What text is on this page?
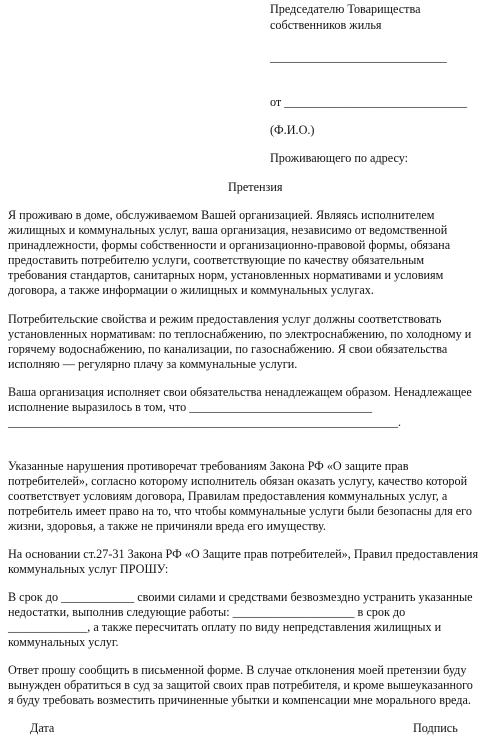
Председателю Товарищества
собственников жилья
_____________________________
от ______________________________
(Ф.И.О.)
Проживающего по адресу:
Претензия
Я проживаю в доме, обслуживаемом Вашей организацией. Являясь исполнителем
жилищных и коммунальных услуг, ваша организация, независимо от ведомственной
принадлежности, формы собственности и организационно-правовой формы, обязана
предоставить потребителю услуги, соответствующие по качеству обязательным
требования стандартов, санитарных норм, установленных нормативами и условиям
договора, а также информации о жилищных и коммунальных услугах.
Потребительские свойства и режим предоставления услуг должны соответствовать
установленных нормативам: по теплоснабжению, по электроснабжению, по холодному и
горячему водоснабжению, по канализации, по газоснабжению. Я свои обязательства
исполняю — регулярно плачу за коммунальные услуги.
Ваша организация исполняет свои обязательства ненадлежащем образом. Ненадлежащее
исполнение выразилось в том, что ______________________________
________________________________________________________________.
Указанные нарушения противоречат требованиям Закона РФ «О защите прав
потребителей», согласно которому исполнитель обязан оказать услугу, качество которой
соответствует условиям договора, Правилам предоставления коммунальных услуг, а
потребитель имеет право на то, что чтобы коммунальные услуги были безопасны для его
жизни, здоровья, а также не причиняли вреда его имуществу.
На основании ст.27-31 Закона РФ «О Защите прав потребителей», Правил предоставления
коммунальных услуг ПРОШУ:
В срок до ____________ своими силами и средствами безвозмездно устранить указанные
недостатки, выполнив следующие работы: ____________________ в срок до
_____________, а также пересчитать оплату по виду непредставления жилищных и
коммунальных услуг.
Ответ прошу сообщить в письменной форме. В случае отклонения моей претензии буду
вынужден обратиться в суд за защитой своих прав потребителя, и кроме вышеуказанного
я буду требовать возместить причиненные убытки и компенсации мне морального вреда.
Дата	Подпись
